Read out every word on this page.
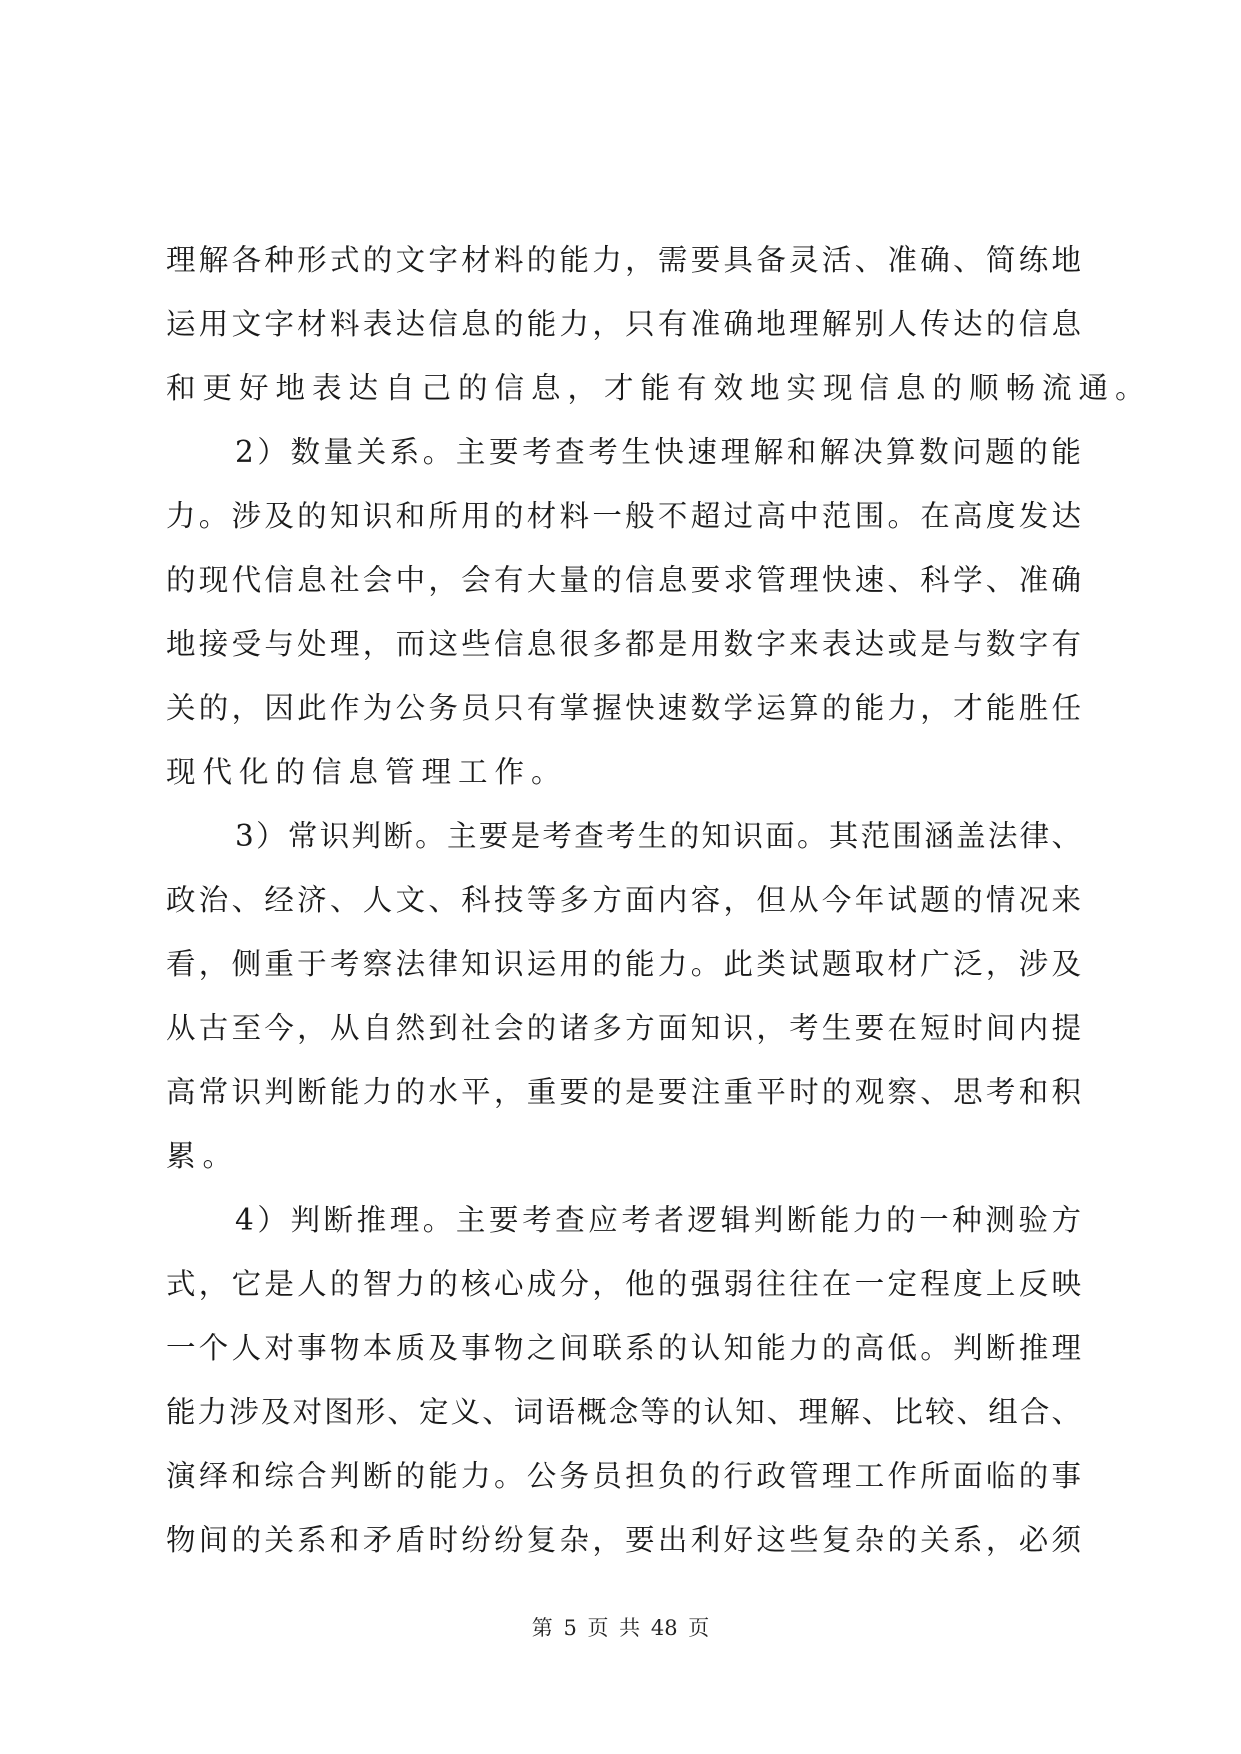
理解各种形式的文字材料的能力，需要具备灵活、准确、简练地
运用文字材料表达信息的能力，只有准确地理解别人传达的信息
和更好地表达自己的信息，才能有效地实现信息的顺畅流通。
2）数量关系。主要考查考生快速理解和解决算数问题的能
力。涉及的知识和所用的材料一般不超过高中范围。在高度发达
的现代信息社会中，会有大量的信息要求管理快速、科学、准确
地接受与处理，而这些信息很多都是用数字来表达或是与数字有
关的，因此作为公务员只有掌握快速数学运算的能力，才能胜任
现代化的信息管理工作。
3）常识判断。主要是考查考生的知识面。其范围涵盖法律、
政治、经济、人文、科技等多方面内容，但从今年试题的情况来
看，侧重于考察法律知识运用的能力。此类试题取材广泛，涉及
从古至今，从自然到社会的诸多方面知识，考生要在短时间内提
高常识判断能力的水平，重要的是要注重平时的观察、思考和积
累。
4）判断推理。主要考查应考者逻辑判断能力的一种测验方
式，它是人的智力的核心成分，他的强弱往往在一定程度上反映
一个人对事物本质及事物之间联系的认知能力的高低。判断推理
能力涉及对图形、定义、词语概念等的认知、理解、比较、组合、
演绎和综合判断的能力。公务员担负的行政管理工作所面临的事
物间的关系和矛盾时纷纷复杂，要出利好这些复杂的关系，必须
第 5 页 共 48 页
